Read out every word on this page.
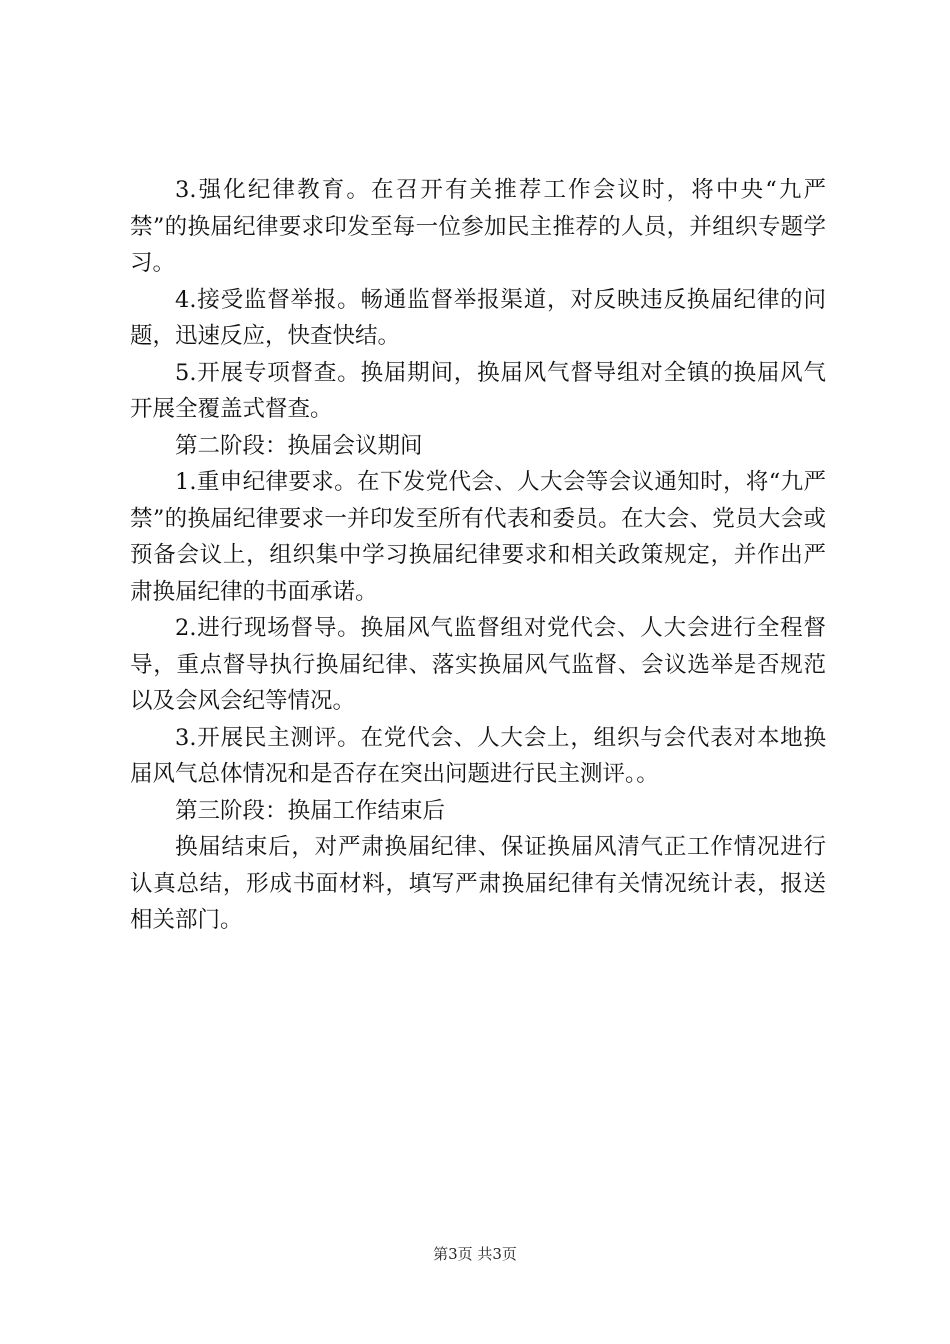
3.强化纪律教育。在召开有关推荐工作会议时，将中央“九严禁”的换届纪律要求印发至每一位参加民主推荐的人员，并组织专题学习。

4.接受监督举报。畅通监督举报渠道，对反映违反换届纪律的问题，迅速反应，快查快结。

5.开展专项督查。换届期间，换届风气督导组对全镇的换届风气开展全覆盖式督查。

第二阶段：换届会议期间

1.重申纪律要求。在下发党代会、人大会等会议通知时，将“九严禁”的换届纪律要求一并印发至所有代表和委员。在大会、党员大会或预备会议上，组织集中学习换届纪律要求和相关政策规定，并作出严肃换届纪律的书面承诺。

2.进行现场督导。换届风气监督组对党代会、人大会进行全程督导，重点督导执行换届纪律、落实换届风气监督、会议选举是否规范以及会风会纪等情况。

3.开展民主测评。在党代会、人大会上，组织与会代表对本地换届风气总体情况和是否存在突出问题进行民主测评。。

第三阶段：换届工作结束后

换届结束后，对严肃换届纪律、保证换届风清气正工作情况进行认真总结，形成书面材料，填写严肃换届纪律有关情况统计表，报送相关部门。

第3页 共3页
